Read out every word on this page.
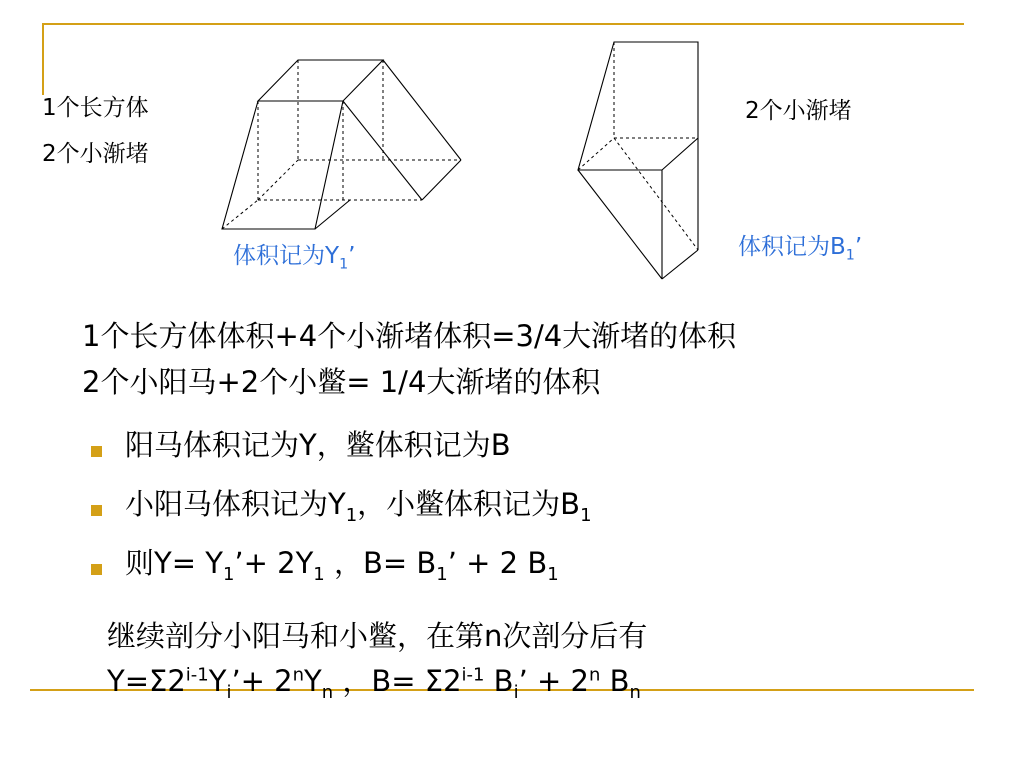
1个长方体
2个小渐堵
体积记为$Y_1$’
2个小渐堵
体积记为$B_1$’
1个长方体体积+4个小渐堵体积=3/4大渐堵的体积
2个小阳马+2个小鳖= 1/4大渐堵的体积
阳马体积记为Y，鳖体积记为B
小阳马体积记为$Y_1$，小鳖体积记为$B_1$
则$Y= Y_1’+ 2Y_1$ ，$B= B_1$’ + 2 $B_1$
继续剖分小阳马和小鳖，在第n次剖分后有
$Y=\Sigma 2^{i-1}Y_i’+ 2^nY_n$ ，$B= \Sigma 2^{i-1}$ $B_i$’ + $2^n$ $B_n$
